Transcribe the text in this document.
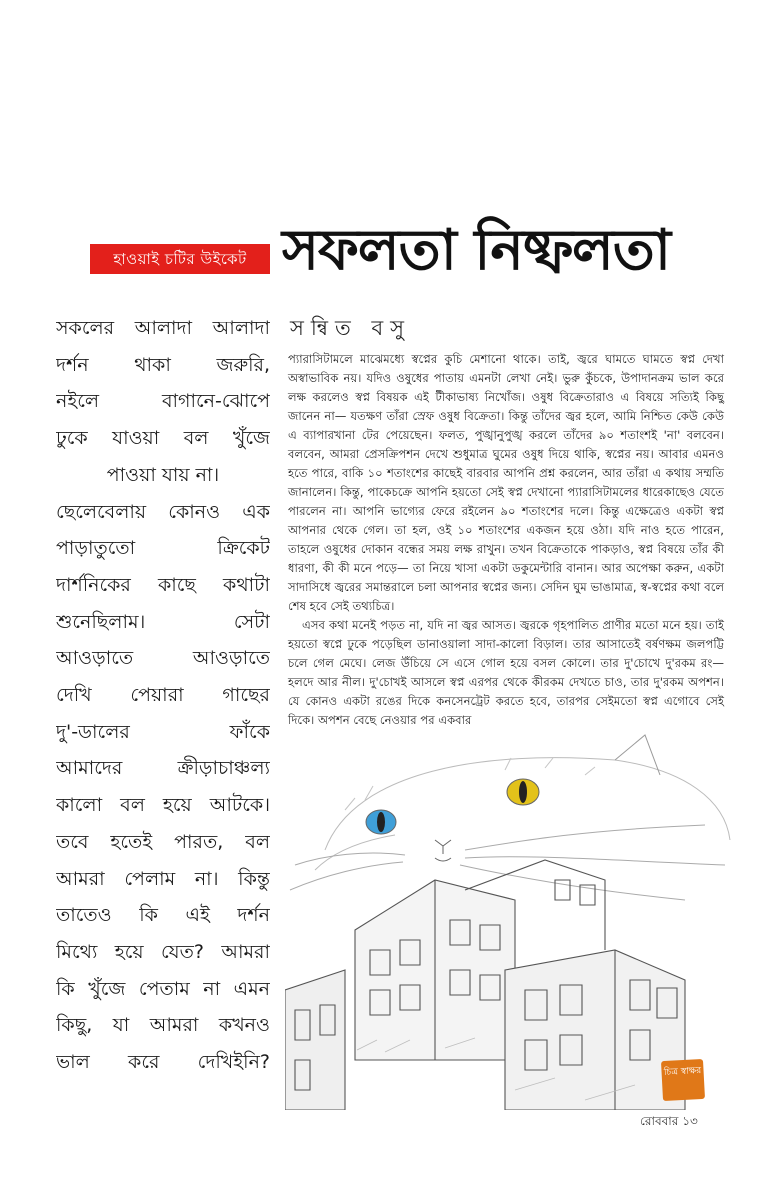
হাওয়াই চটির উইকেট সফলতা নিষ্ফলতা
সন্বিত বসু
সকলের আলাদা আলাদা
দর্শন থাকা জরুরি,
নইলে বাগানে-ঝোপে
ঢুকে যাওয়া বল খুঁজে
পাওয়া যায় না।
ছেলেবেলায় কোনও এক
পাড়াতুতো ক্রিকেট
দার্শনিকের কাছে কথাটা
শুনেছিলাম। সেটা
আওড়াতে আওড়াতে
দেখি পেয়ারা গাছের
দু'-ডালের ফাঁকে
আমাদের ক্রীড়াচাঞ্চল্য
কালো বল হয়ে আটকে।
তবে হতেই পারত, বল
আমরা পেলাম না। কিন্তু
তাতেও কি এই দর্শন
মিথ্যে হয়ে যেত? আমরা
কি খুঁজে পেতাম না এমন
কিছু, যা আমরা কখনও
ভাল করে দেখিইনি?

প্যারাসিটামলে মাঝেমধ্যে স্বপ্নের কুচি মেশানো থাকে। তাই, জ্বরে ঘামতে ঘামতে স্বপ্ন দেখা অস্বাভাবিক নয়। যদিও ওষুধের পাতায় এমনটা লেখা নেই। ভুরু কুঁচকে, উপাদানক্রম ভাল করে লক্ষ করলেও স্বপ্ন বিষয়ক এই টীকাভাষ্য নিখোঁজ। ওষুধ বিক্রেতারাও এ বিষয়ে সত্যিই কিছু জানেন না— যতক্ষণ তাঁরা স্রেফ ওষুধ বিক্রেতা। কিন্তু তাঁদের জ্বর হলে, আমি নিশ্চিত কেউ কেউ এ ব্যাপারখানা টের পেয়েছেন। ফলত, পুঙ্খানুপুঙ্খ করলে তাঁদের ৯০ শতাংশই 'না' বলবেন। বলবেন, আমরা প্রেসক্রিপশন দেখে শুধুমাত্র ঘুমের ওষুধ দিয়ে থাকি, স্বপ্নের নয়। আবার এমনও হতে পারে, বাকি ১০ শতাংশের কাছেই বারবার আপনি প্রশ্ন করলেন, আর তাঁরা এ কথায় সম্মতি জানালেন। কিন্তু, পাকেচক্রে আপনি হয়তো সেই স্বপ্ন দেখানো প্যারাসিটামলের ধারেকাছেও যেতে পারলেন না। আপনি ভাগ্যের ফেরে রইলেন ৯০ শতাংশের দলে। কিন্তু এক্ষেত্রেও একটা স্বপ্ন আপনার থেকে গেল। তা হল, ওই ১০ শতাংশের একজন হয়ে ওঠা। যদি নাও হতে পারেন, তাহলে ওষুধের দোকান বন্ধের সময় লক্ষ রাখুন। তখন বিক্রেতাকে পাকড়াও, স্বপ্ন বিষয়ে তাঁর কী ধারণা, কী কী মনে পড়ে— তা নিয়ে খাসা একটা ডকুমেন্টারি বানান। আর অপেক্ষা করুন, একটা সাদাসিধে জ্বরের সমান্তরালে চলা আপনার স্বপ্নের জন্য। সেদিন ঘুম ভাঙামাত্র, স্ব-স্বপ্নের কথা বলে শেষ হবে সেই তথ্যচিত্র।

এসব কথা মনেই পড়ত না, যদি না জ্বর আসত। জ্বরকে গৃহপালিত প্রাণীর মতো মনে হয়। তাই হয়তো স্বপ্নে ঢুকে পড়েছিল ডানাওয়ালা সাদা-কালো বিড়াল। তার আসাতেই বর্ষণক্ষম জলপট্টি চলে গেল মেঘে। লেজ উঁচিয়ে সে এসে গোল হয়ে বসল কোলে। তার দু'চোখে দু'রকম রং— হলদে আর নীল। দু'চোখই আসলে স্বপ্ন এরপর থেকে কীরকম দেখতে চাও, তার দু'রকম অপশন। যে কোনও একটা রঙের দিকে কনসেনট্রেট করতে হবে, তারপর সেইমতো স্বপ্ন এগোবে সেই দিকে। অপশন বেছে নেওয়ার পর একবার

চিত্র স্বাক্ষর
রোববার ১৩
